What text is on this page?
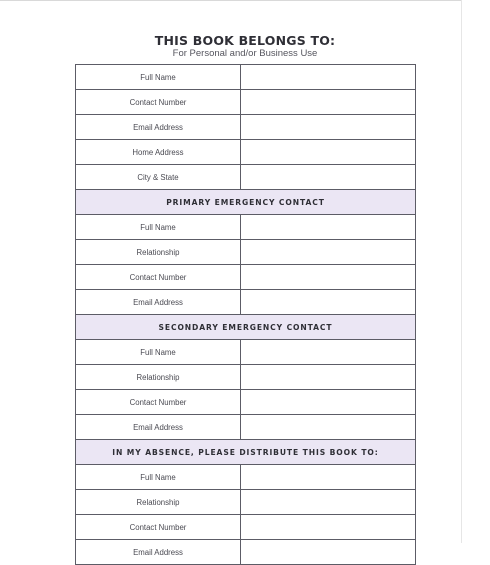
THIS BOOK BELONGS TO:
For Personal and/or Business Use
Full Name
Contact Number
Email Address
Home Address
City & State
PRIMARY EMERGENCY CONTACT
Full Name
Relationship
Contact Number
Email Address
SECONDARY EMERGENCY CONTACT
Full Name
Relationship
Contact Number
Email Address
IN MY ABSENCE, PLEASE DISTRIBUTE THIS BOOK TO:
Full Name
Relationship
Contact Number
Email Address
